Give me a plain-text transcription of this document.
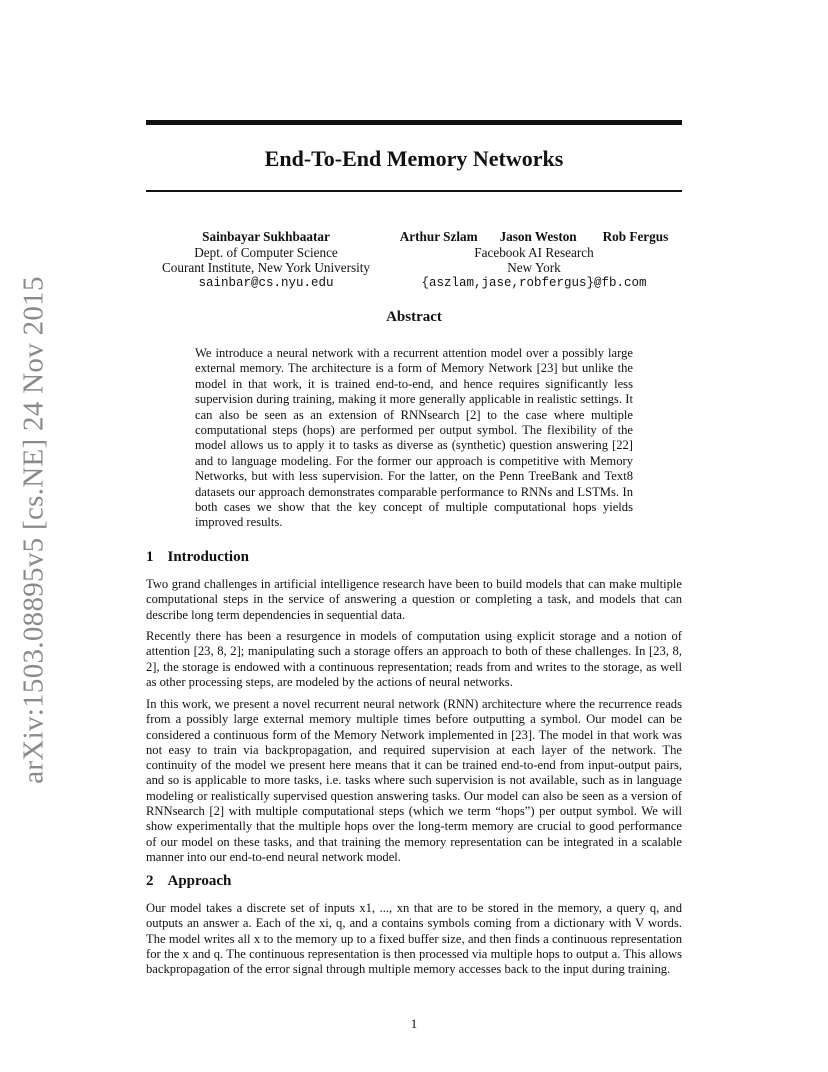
arXiv:1503.08895v5 [cs.NE] 24 Nov 2015
End-To-End Memory Networks
Sainbayar Sukhbaatar
Dept. of Computer Science
Courant Institute, New York University
sainbar@cs.nyu.edu
Arthur Szlam Jason Weston Rob Fergus
Facebook AI Research
New York
{aszlam,jase,robfergus}@fb.com
Abstract

We introduce a neural network with a recurrent attention model over a possibly large external memory. The architecture is a form of Memory Network [23] but unlike the model in that work, it is trained end-to-end, and hence requires significantly less supervision during training, making it more generally applicable in realistic settings. It can also be seen as an extension of RNNsearch [2] to the case where multiple computational steps (hops) are performed per output symbol. The flexibility of the model allows us to apply it to tasks as diverse as (synthetic) question answering [22] and to language modeling. For the former our approach is competitive with Memory Networks, but with less supervision. For the latter, on the Penn TreeBank and Text8 datasets our approach demonstrates comparable performance to RNNs and LSTMs. In both cases we show that the key concept of multiple computational hops yields improved results.

1 Introduction

Two grand challenges in artificial intelligence research have been to build models that can make multiple computational steps in the service of answering a question or completing a task, and models that can describe long term dependencies in sequential data.

Recently there has been a resurgence in models of computation using explicit storage and a notion of attention [23, 8, 2]; manipulating such a storage offers an approach to both of these challenges. In [23, 8, 2], the storage is endowed with a continuous representation; reads from and writes to the storage, as well as other processing steps, are modeled by the actions of neural networks.

In this work, we present a novel recurrent neural network (RNN) architecture where the recurrence reads from a possibly large external memory multiple times before outputting a symbol. Our model can be considered a continuous form of the Memory Network implemented in [23]. The model in that work was not easy to train via backpropagation, and required supervision at each layer of the network. The continuity of the model we present here means that it can be trained end-to-end from input-output pairs, and so is applicable to more tasks, i.e. tasks where such supervision is not available, such as in language modeling or realistically supervised question answering tasks. Our model can also be seen as a version of RNNsearch [2] with multiple computational steps (which we term “hops”) per output symbol. We will show experimentally that the multiple hops over the long-term memory are crucial to good performance of our model on these tasks, and that training the memory representation can be integrated in a scalable manner into our end-to-end neural network model.

2 Approach

Our model takes a discrete set of inputs x1, ..., xn that are to be stored in the memory, a query q, and outputs an answer a. Each of the xi, q, and a contains symbols coming from a dictionary with V words. The model writes all x to the memory up to a fixed buffer size, and then finds a continuous representation for the x and q. The continuous representation is then processed via multiple hops to output a. This allows backpropagation of the error signal through multiple memory accesses back to the input during training.

1
